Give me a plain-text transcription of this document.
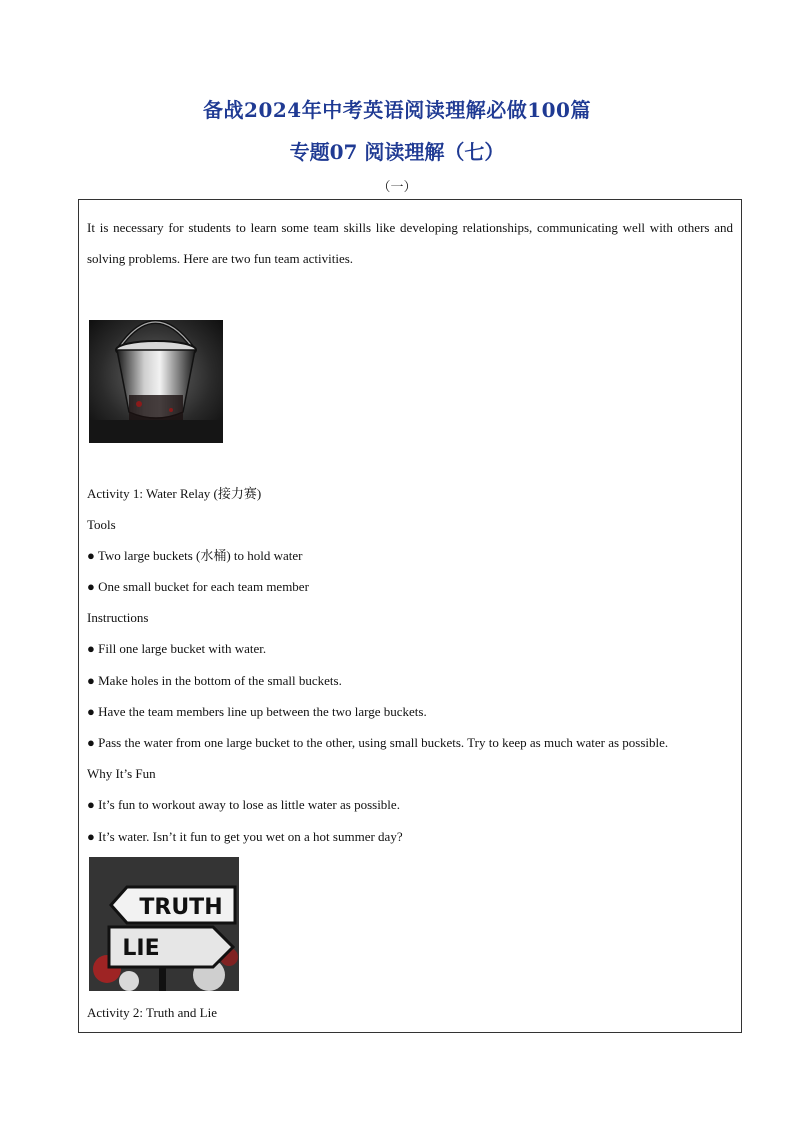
备战2024年中考英语阅读理解必做100篇
专题07 阅读理解（七）
（一）
It is necessary for students to learn some team skills like developing relationships, communicating well with others and solving problems. Here are two fun team activities.
Activity 1: Water Relay (接力赛)
Tools
● Two large buckets (水桶) to hold water
● One small bucket for each team member
Instructions
● Fill one large bucket with water.
● Make holes in the bottom of the small buckets.
● Have the team members line up between the two large buckets.
● Pass the water from one large bucket to the other, using small buckets. Try to keep as much water as possible.
Why It’s Fun
● It’s fun to workout away to lose as little water as possible.
● It’s water. Isn’t it fun to get you wet on a hot summer day?
TRUTH
LIE
Activity 2: Truth and Lie
